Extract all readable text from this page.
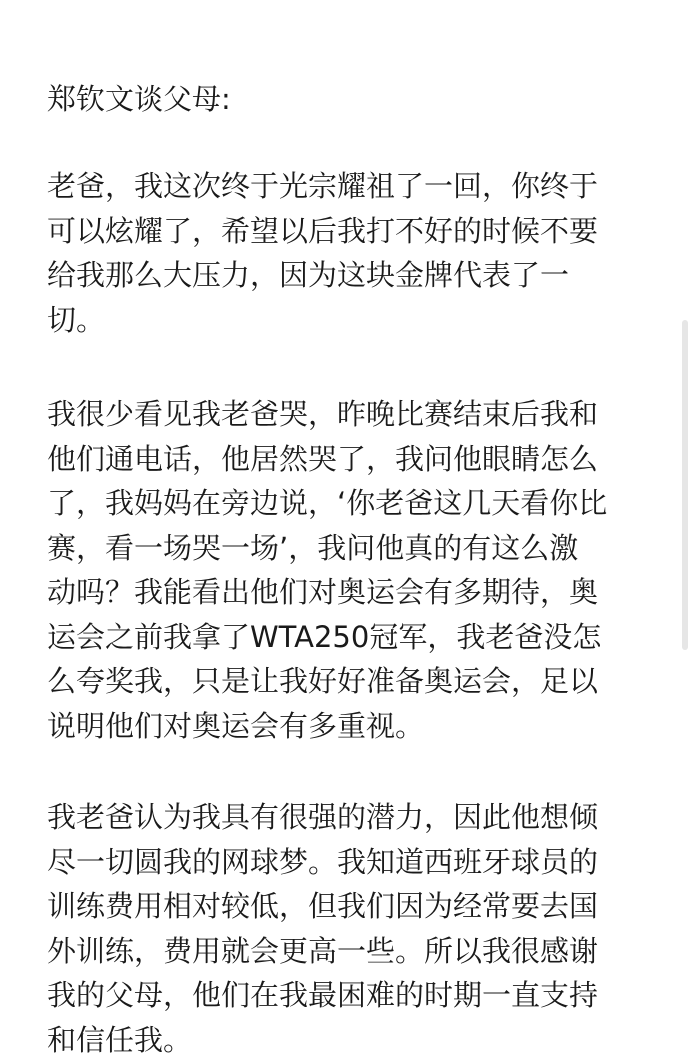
郑钦文谈父母:
老爸，我这次终于光宗耀祖了一回，你终于
可以炫耀了，希望以后我打不好的时候不要
给我那么大压力，因为这块金牌代表了一
切。
我很少看见我老爸哭，昨晚比赛结束后我和
他们通电话，他居然哭了，我问他眼睛怎么
了，我妈妈在旁边说，‘你老爸这几天看你比
赛，看一场哭一场’，我问他真的有这么激
动吗？我能看出他们对奥运会有多期待，奥
运会之前我拿了WTA250冠军，我老爸没怎
么夸奖我，只是让我好好准备奥运会，足以
说明他们对奥运会有多重视。
我老爸认为我具有很强的潜力，因此他想倾
尽一切圆我的网球梦。我知道西班牙球员的
训练费用相对较低，但我们因为经常要去国
外训练，费用就会更高一些。所以我很感谢
我的父母，他们在我最困难的时期一直支持
和信任我。
